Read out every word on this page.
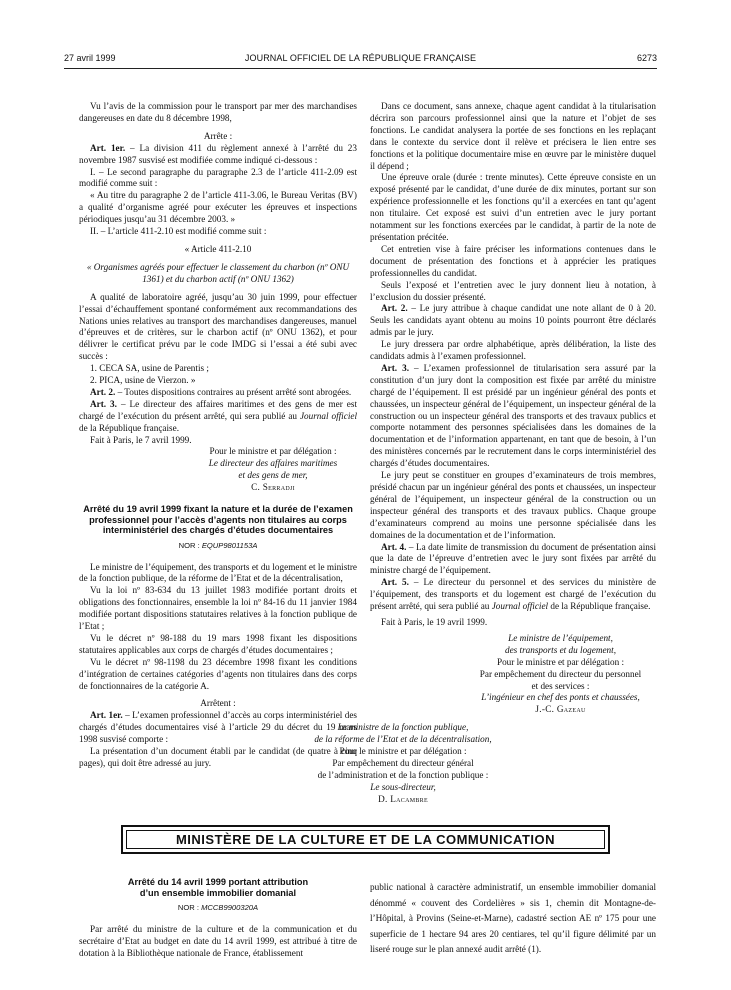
27 avril 1999	JOURNAL OFFICIEL DE LA RÉPUBLIQUE FRANÇAISE	6273

Vu l’avis de la commission pour le transport par mer des marchandises dangereuses en date du 8 décembre 1998,

Arrête :

Art. 1er. – La division 411 du règlement annexé à l’arrêté du 23 novembre 1987 susvisé est modifiée comme indiqué ci-dessous :

I. – Le second paragraphe du paragraphe 2.3 de l’article 411-2.09 est modifié comme suit :

« Au titre du paragraphe 2 de l’article 411-3.06, le Bureau Veritas (BV) a qualité d’organisme agréé pour exécuter les épreuves et inspections périodiques jusqu’au 31 décembre 2003. »

II. – L’article 411-2.10 est modifié comme suit :

« Article 411-2.10

« Organismes agréés pour effectuer le classement du charbon (nº ONU 1361) et du charbon actif (nº ONU 1362)

A qualité de laboratoire agréé, jusqu’au 30 juin 1999, pour effectuer l’essai d’échauffement spontané conformément aux recommandations des Nations unies relatives au transport des marchandises dangereuses, manuel d’épreuves et de critères, sur le charbon actif (nº ONU 1362), et pour délivrer le certificat prévu par le code IMDG si l’essai a été subi avec succès :

1. CECA SA, usine de Parentis ;

2. PICA, usine de Vierzon. »

Art. 2. – Toutes dispositions contraires au présent arrêté sont abrogées.

Art. 3. – Le directeur des affaires maritimes et des gens de mer est chargé de l’exécution du présent arrêté, qui sera publié au Journal officiel de la République française.

Fait à Paris, le 7 avril 1999.

Pour le ministre et par délégation :

Le directeur des affaires maritimes

et des gens de mer,

C. Serradji

Arrêté du 19 avril 1999 fixant la nature et la durée de l’examen professionnel pour l’accès d’agents non titulaires au corps interministériel des chargés d’études documentaires

NOR : EQUP9801153A

Le ministre de l’équipement, des transports et du logement et le ministre de la fonction publique, de la réforme de l’Etat et de la décentralisation,

Vu la loi nº 83-634 du 13 juillet 1983 modifiée portant droits et obligations des fonctionnaires, ensemble la loi nº 84-16 du 11 janvier 1984 modifiée portant dispositions statutaires relatives à la fonction publique de l’Etat ;

Vu le décret nº 98-188 du 19 mars 1998 fixant les dispositions statutaires applicables aux corps de chargés d’études documentaires ;

Vu le décret nº 98-1198 du 23 décembre 1998 fixant les conditions d’intégration de certaines catégories d’agents non titulaires dans des corps de fonctionnaires de la catégorie A.

Arrêtent :

Art. 1er. – L’examen professionnel d’accès au corps interministériel des chargés d’études documentaires visé à l’article 29 du décret du 19 mars 1998 susvisé comporte :

La présentation d’un document établi par le candidat (de quatre à cinq pages), qui doit être adressé au jury.

Dans ce document, sans annexe, chaque agent candidat à la titularisation décrira son parcours professionnel ainsi que la nature et l’objet de ses fonctions. Le candidat analysera la portée de ses fonctions en les replaçant dans le contexte du service dont il relève et précisera le lien entre ses fonctions et la politique documentaire mise en œuvre par le ministère duquel il dépend ;

Une épreuve orale (durée : trente minutes). Cette épreuve consiste en un exposé présenté par le candidat, d’une durée de dix minutes, portant sur son expérience professionnelle et les fonctions qu’il a exercées en tant qu’agent non titulaire. Cet exposé est suivi d’un entretien avec le jury portant notamment sur les fonctions exercées par le candidat, à partir de la note de présentation précitée.

Cet entretien vise à faire préciser les informations contenues dans le document de présentation des fonctions et à apprécier les pratiques professionnelles du candidat.

Seuls l’exposé et l’entretien avec le jury donnent lieu à notation, à l’exclusion du dossier présenté.

Art. 2. – Le jury attribue à chaque candidat une note allant de 0 à 20. Seuls les candidats ayant obtenu au moins 10 points pourront être déclarés admis par le jury.

Le jury dressera par ordre alphabétique, après délibération, la liste des candidats admis à l’examen professionnel.

Art. 3. – L’examen professionnel de titularisation sera assuré par la constitution d’un jury dont la composition est fixée par arrêté du ministre chargé de l’équipement. Il est présidé par un ingénieur général des ponts et chaussées, un inspecteur général de l’équipement, un inspecteur général de la construction ou un inspecteur général des transports et des travaux publics et comporte notamment des personnes spécialisées dans les domaines de la documentation et de l’information appartenant, en tant que de besoin, à l’un des ministères concernés par le recrutement dans le corps interministériel des chargés d’études documentaires.

Le jury peut se constituer en groupes d’examinateurs de trois membres, présidé chacun par un ingénieur général des ponts et chaussées, un inspecteur général de l’équipement, un inspecteur général de la construction ou un inspecteur général des transports et des travaux publics. Chaque groupe d’examinateurs comprend au moins une personne spécialisée dans les domaines de la documentation et de l’information.

Art. 4. – La date limite de transmission du document de présentation ainsi que la date de l’épreuve d’entretien avec le jury sont fixées par arrêté du ministre chargé de l’équipement.

Art. 5. – Le directeur du personnel et des services du ministère de l’équipement, des transports et du logement est chargé de l’exécution du présent arrêté, qui sera publié au Journal officiel de la République française.

Fait à Paris, le 19 avril 1999.

Le ministre de l’équipement,

des transports et du logement,

Pour le ministre et par délégation :

Par empêchement du directeur du personnel

et des services :

L’ingénieur en chef des ponts et chaussées,

J.-C. Gazeau

Le ministre de la fonction publique,

de la réforme de l’Etat et de la décentralisation,

Pour le ministre et par délégation :

Par empêchement du directeur général

de l’administration et de la fonction publique :

Le sous-directeur,

D. Lacambre

MINISTÈRE DE LA CULTURE ET DE LA COMMUNICATION

Arrêté du 14 avril 1999 portant attribution d’un ensemble immobilier domanial

NOR : MCCB9900320A

Par arrêté du ministre de la culture et de la communication et du secrétaire d’Etat au budget en date du 14 avril 1999, est attribué à titre de dotation à la Bibliothèque nationale de France, établissement

public national à caractère administratif, un ensemble immobilier domanial dénommé « couvent des Cordelières » sis 1, chemin dit Montagne-de-l’Hôpital, à Provins (Seine-et-Marne), cadastré section AE nº 175 pour une superficie de 1 hectare 94 ares 20 centiares, tel qu’il figure délimité par un liseré rouge sur le plan annexé audit arrêté (1).
